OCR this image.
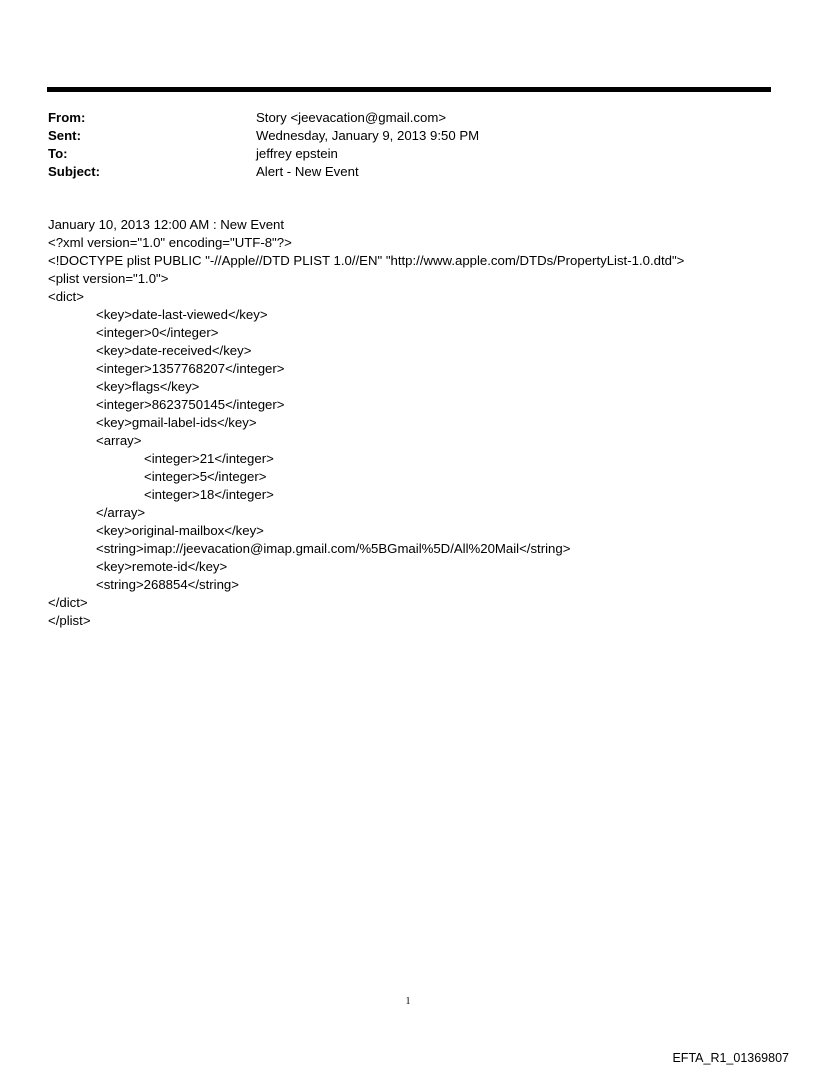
From:	Story <jeevacation@gmail.com>
Sent:	Wednesday, January 9, 2013 9:50 PM
To:	jeffrey epstein
Subject:	Alert - New Event
January 10, 2013 12:00 AM : New Event
<?xml version="1.0" encoding="UTF-8"?>
<!DOCTYPE plist PUBLIC "-//Apple//DTD PLIST 1.0//EN" "http://www.apple.com/DTDs/PropertyList-1.0.dtd">
<plist version="1.0">
<dict>
<key>date-last-viewed</key>
<integer>0</integer>
<key>date-received</key>
<integer>1357768207</integer>
<key>flags</key>
<integer>8623750145</integer>
<key>gmail-label-ids</key>
<array>
<integer>21</integer>
<integer>5</integer>
<integer>18</integer>
</array>
<key>original-mailbox</key>
<string>imap://jeevacation@imap.gmail.com/%5BGmail%5D/All%20Mail</string>
<key>remote-id</key>
<string>268854</string>
</dict>
</plist>
1
EFTA_R1_01369807
